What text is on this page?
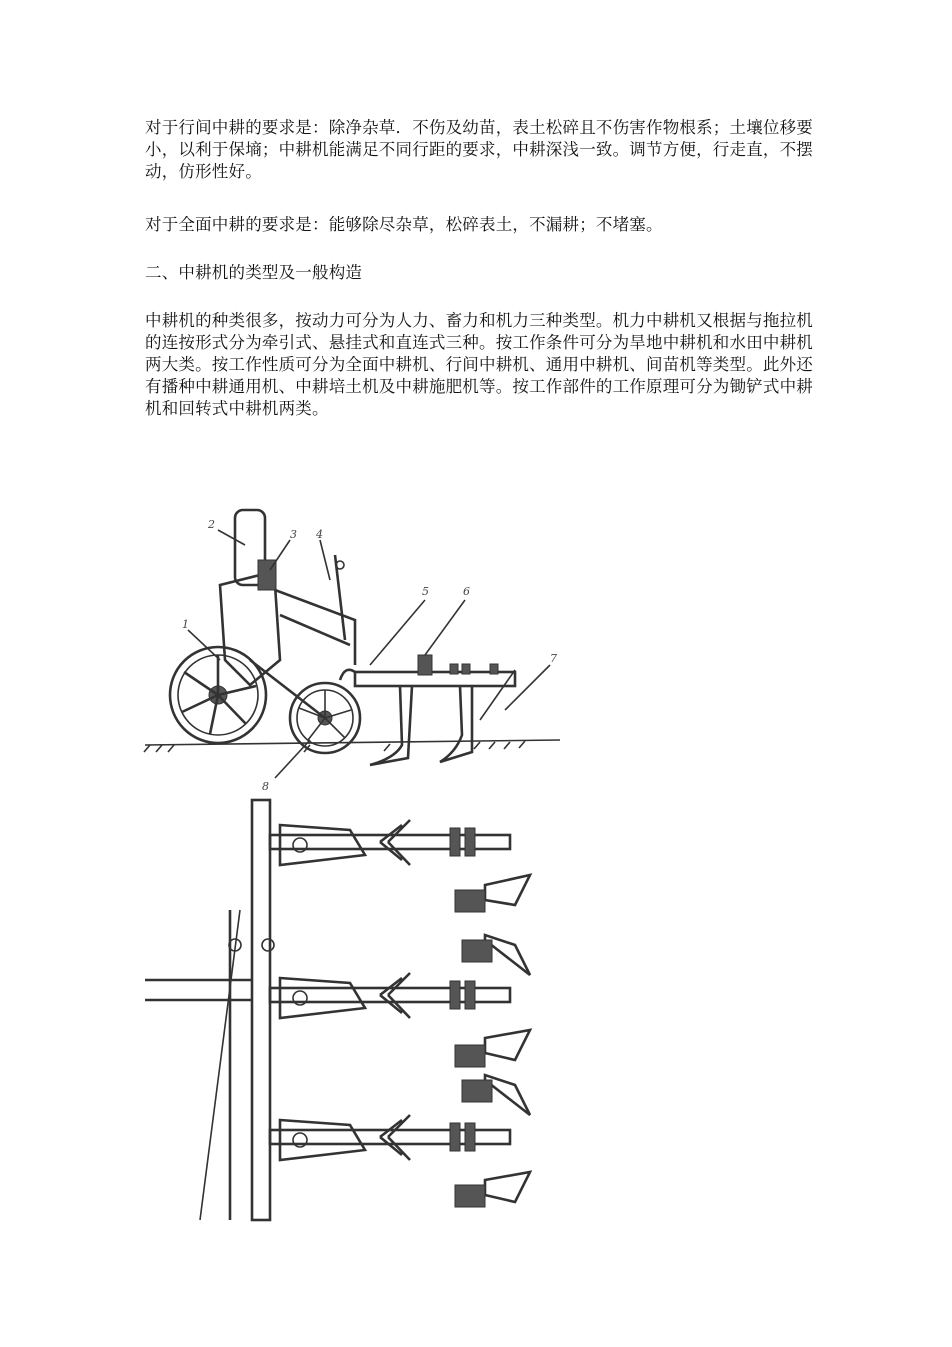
对于行间中耕的要求是：除净杂草．不伤及幼苗，表土松碎且不伤害作物根系；土壤位移要小，以利于保墒；中耕机能满足不同行距的要求，中耕深浅一致。调节方便，行走直，不摆动，仿形性好。

对于全面中耕的要求是：能够除尽杂草，松碎表土，不漏耕；不堵塞。

二、中耕机的类型及一般构造

中耕机的种类很多，按动力可分为人力、畜力和机力三种类型。机力中耕机又根据与拖拉机的连按形式分为牵引式、悬挂式和直连式三种。按工作条件可分为旱地中耕机和水田中耕机两大类。按工作性质可分为全面中耕机、行间中耕机、通用中耕机、间苗机等类型。此外还有播种中耕通用机、中耕培土机及中耕施肥机等。按工作部件的工作原理可分为锄铲式中耕机和回转式中耕机两类。

1
2
3 4
5	6
7
8
